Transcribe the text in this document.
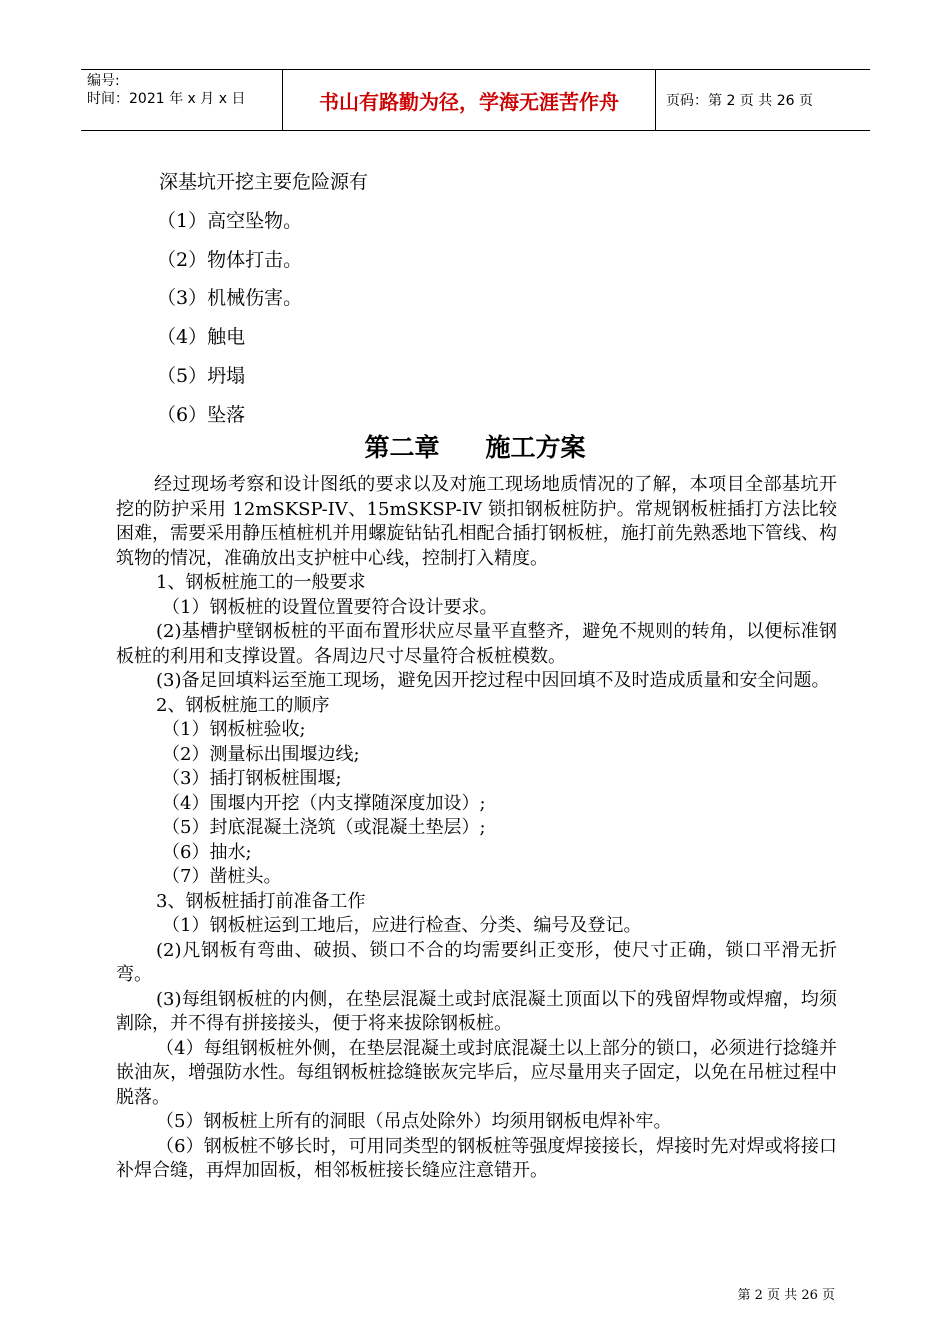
编号:
时间：2021 年 x 月 x 日	书山有路勤为径，学海无涯苦作舟	页码：第 2 页 共 26 页
深基坑开挖主要危险源有
（1）高空坠物。
（2）物体打击。
（3）机械伤害。
（4）触电
（5）坍塌
（6）坠落
第二章 施工方案

经过现场考察和设计图纸的要求以及对施工现场地质情况的了解，本项目全部基坑开挖的防护采用 12mSKSP-IV、15mSKSP-IV 锁扣钢板桩防护。常规钢板桩插打方法比较困难，需要采用静压植桩机并用螺旋钻钻孔相配合插打钢板桩，施打前先熟悉地下管线、构筑物的情况，准确放出支护桩中心线，控制打入精度。

1、钢板桩施工的一般要求

（1）钢板桩的设置位置要符合设计要求。

(2)基槽护壁钢板桩的平面布置形状应尽量平直整齐，避免不规则的转角，以便标准钢板桩的利用和支撑设置。各周边尺寸尽量符合板桩模数。

(3)备足回填料运至施工现场，避免因开挖过程中因回填不及时造成质量和安全问题。

2、钢板桩施工的顺序

（1）钢板桩验收;

（2）测量标出围堰边线;

（3）插打钢板桩围堰;

（4）围堰内开挖（内支撑随深度加设）;

（5）封底混凝土浇筑（或混凝土垫层）;

（6）抽水;

（7）凿桩头。

3、钢板桩插打前准备工作

（1）钢板桩运到工地后，应进行检查、分类、编号及登记。

(2)凡钢板有弯曲、破损、锁口不合的均需要纠正变形，使尺寸正确，锁口平滑无折弯。

(3)每组钢板桩的内侧，在垫层混凝土或封底混凝土顶面以下的残留焊物或焊瘤，均须割除，并不得有拼接接头，便于将来拔除钢板桩。

（4）每组钢板桩外侧，在垫层混凝土或封底混凝土以上部分的锁口，必须进行捻缝并嵌油灰，增强防水性。每组钢板桩捻缝嵌灰完毕后，应尽量用夹子固定，以免在吊桩过程中脱落。

（5）钢板桩上所有的洞眼（吊点处除外）均须用钢板电焊补牢。

（6）钢板桩不够长时，可用同类型的钢板桩等强度焊接接长，焊接时先对焊或将接口补焊合缝，再焊加固板，相邻板桩接长缝应注意错开。

第 2 页 共 26 页
